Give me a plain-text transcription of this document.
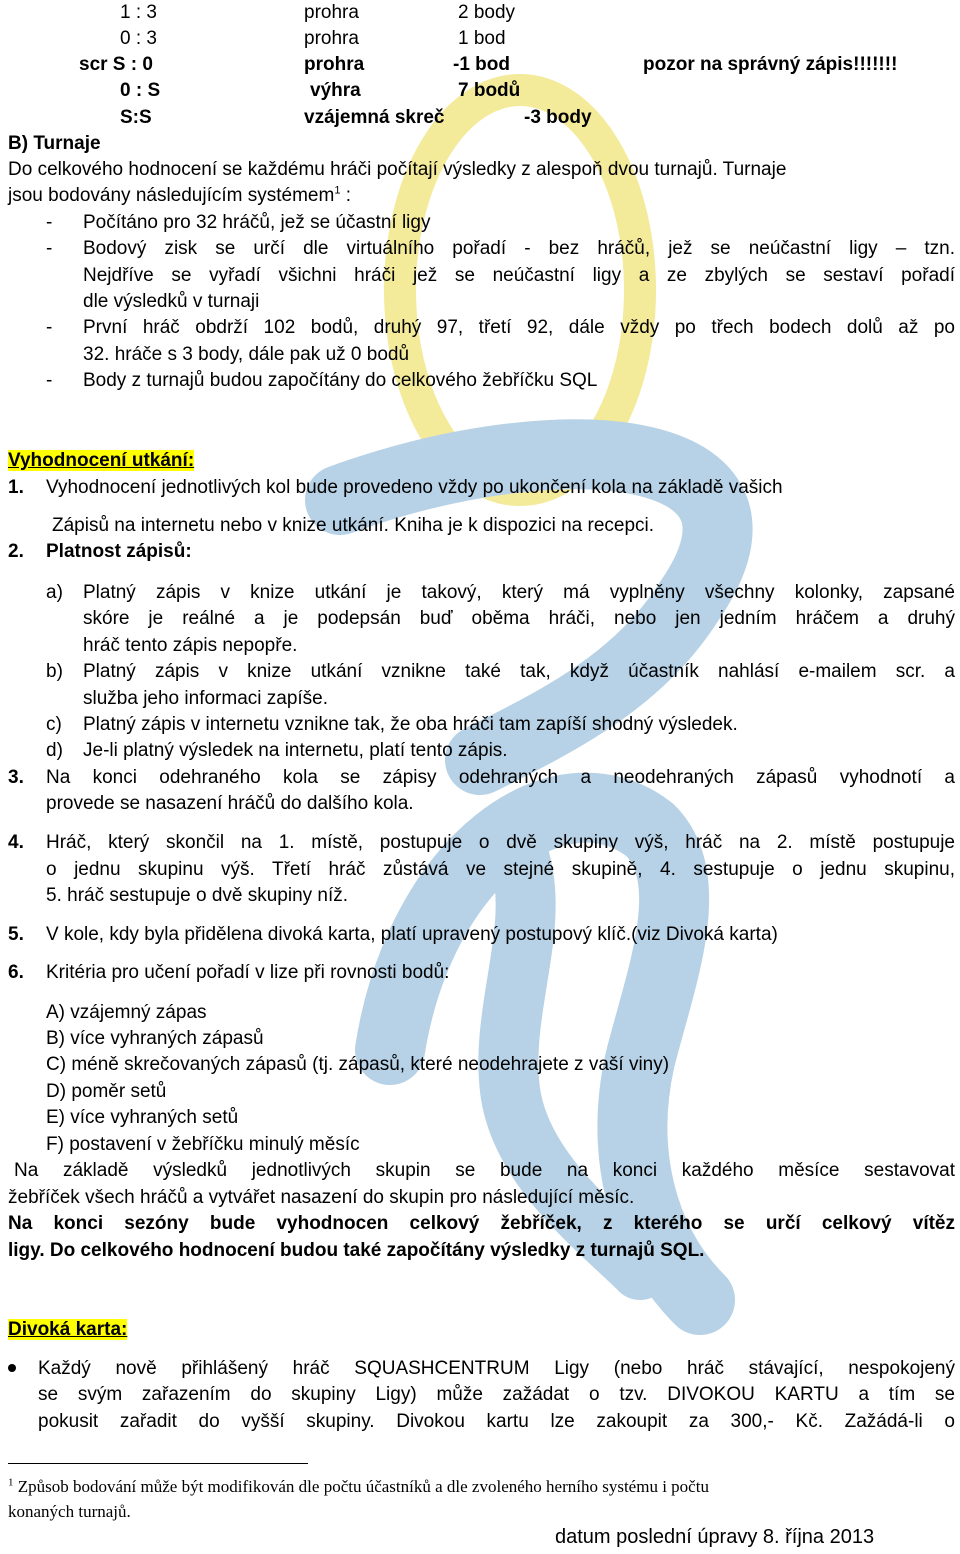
1 : 3	prohra	2 body
0 : 3	prohra	1 bod
scr S : 0	prohra	-1 bod	pozor na správný zápis!!!!!!!
0 : S	výhra	7 bodů
S:S	vzájemná skreč	-3 body
B) Turnaje
Do celkového hodnocení se každému hráči počítají výsledky z alespoň dvou turnajů. Turnaje
jsou bodovány následujícím systémem$^1$ :
- Počítáno pro 32 hráčů, jež se účastní ligy
- Bodový zisk se určí dle virtuálního pořadí - bez hráčů, jež se neúčastní ligy – tzn.
Nejdříve se vyřadí všichni hráči jež se neúčastní ligy a ze zbylých se sestaví pořadí
dle výsledků v turnaji
- První hráč obdrží 102 bodů, druhý 97, třetí 92, dále vždy po třech bodech dolů až po
32. hráče s 3 body, dále pak už 0 bodů
- Body z turnajů budou započítány do celkového žebříčku SQL
Vyhodnocení utkání:
1. Vyhodnocení jednotlivých kol bude provedeno vždy po ukončení kola na základě vašich
Zápisů na internetu nebo v knize utkání. Kniha je k dispozici na recepci.
2. Platnost zápisů:
a) Platný zápis v knize utkání je takový, který má vyplněny všechny kolonky, zapsané
skóre je reálné a je podepsán buď oběma hráči, nebo jen jedním hráčem a druhý
hráč tento zápis nepopře.
b) Platný zápis v knize utkání vznikne také tak, když účastník nahlásí e-mailem scr. a
služba jeho informaci zapíše.
c) Platný zápis v internetu vznikne tak, že oba hráči tam zapíší shodný výsledek.
d) Je-li platný výsledek na internetu, platí tento zápis.
3. Na konci odehraného kola se zápisy odehraných a neodehraných zápasů vyhodnotí a
provede se nasazení hráčů do dalšího kola.
4. Hráč, který skončil na 1. místě, postupuje o dvě skupiny výš, hráč na 2. místě postupuje
o jednu skupinu výš. Třetí hráč zůstává ve stejné skupině, 4. sestupuje o jednu skupinu,
5. hráč sestupuje o dvě skupiny níž.
5. V kole, kdy byla přidělena divoká karta, platí upravený postupový klíč.(viz Divoká karta)
6. Kritéria pro učení pořadí v lize při rovnosti bodů:
A) vzájemný zápas
B) více vyhraných zápasů
C) méně skrečovaných zápasů (tj. zápasů, které neodehrajete z vaší viny)
D) poměr setů
E) více vyhraných setů
F) postavení v žebříčku minulý měsíc
Na základě výsledků jednotlivých skupin se bude na konci každého měsíce sestavovat
žebříček všech hráčů a vytvářet nasazení do skupin pro následující měsíc.
Na konci sezóny bude vyhodnocen celkový žebříček, z kterého se určí celkový vítěz
ligy. Do celkového hodnocení budou také započítány výsledky z turnajů SQL.
Divoká karta:
Každý nově přihlášený hráč SQUASHCENTRUM Ligy (nebo hráč stávající, nespokojený
se svým zařazením do skupiny Ligy) může zažádat o tzv. DIVOKOU KARTU a tím se
pokusit zařadit do vyšší skupiny. Divokou kartu lze zakoupit za 300,- Kč. Zažádá-li o
$^1$ Způsob bodování může být modifikován dle počtu účastníků a dle zvoleného herního systému i počtu
konaných turnajů.
datum poslední úpravy 8. října 2013
